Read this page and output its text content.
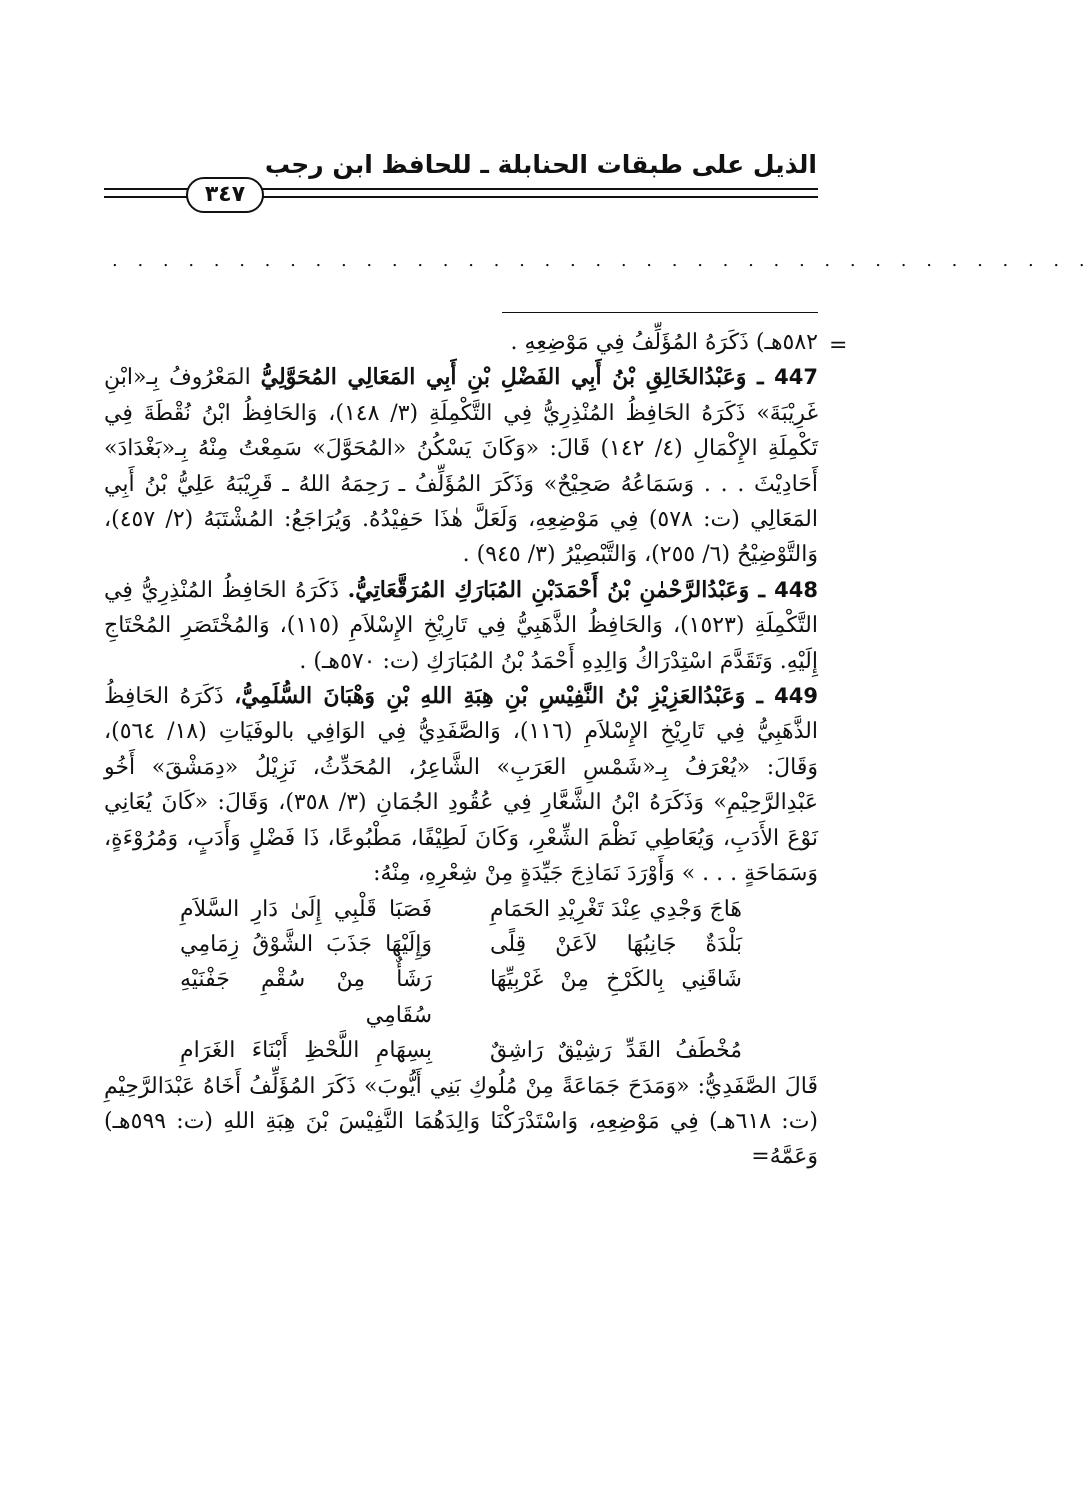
الذيل على طبقات الحنابلة ـ للحافظ ابن رجب
٣٤٧
. . . . . . . . . . . . . . . . . . . . . . . . . . . . . . . . . . . . . . .
=

٥٨٢هـ) ذَكَرَهُ المُؤَلِّفُ فِي مَوْضِعِهِ .

447 ـ وَعَبْدُالخَالِقِ بْنُ أَبِي الفَضْلِ بْنِ أَبِي المَعَالِي المُحَوَّلِيُّ المَعْرُوفُ بِـ«ابْنِ غَرِيْبَةَ» ذَكَرَهُ الحَافِظُ المُنْذِرِيُّ فِي التَّكْمِلَةِ (٣/ ١٤٨)، وَالحَافِظُ ابْنُ نُقْطَةَ فِي تَكْمِلَةِ الإِكْمَالِ (٤/ ١٤٢) قَالَ: «وَكَانَ يَسْكُنُ «المُحَوَّلَ» سَمِعْتُ مِنْهُ بِـ«بَغْدَادَ» أَحَادِيْثَ . . . وَسَمَاعُهُ صَحِيْحٌ» وَذَكَرَ المُؤَلِّفُ ـ رَحِمَهُ اللهُ ـ قَرِيْبَهُ عَلِيُّ بْنُ أَبِي المَعَالِي (ت: ٥٧٨) فِي مَوْضِعِهِ، وَلَعَلَّ هٰذَا حَفِيْدُهُ. وَيُرَاجَعُ: المُشْتَبَهُ (٢/ ٤٥٧)، وَالتَّوْضِيْحُ (٦/ ٢٥٥)، وَالتَّبْصِيْرُ (٣/ ٩٤٥) .

448 ـ وَعَبْدُالرَّحْمٰنِ بْنُ أَحْمَدَبْنِ المُبَارَكِ المُرَقَّعَاتِيُّ. ذَكَرَهُ الحَافِظُ المُنْذِرِيُّ فِي التَّكْمِلَةِ (١٥٢٣)، وَالحَافِظُ الذَّهَبِيُّ فِي تَارِيْخِ الإِسْلاَمِ (١١٥)، وَالمُخْتَصَرِ المُحْتَاجِ إِلَيْهِ. وَتَقَدَّمَ اسْتِدْرَاكُ وَالِدِهِ أَحْمَدُ بْنُ المُبَارَكِ (ت: ٥٧٠هـ) .

449 ـ وَعَبْدُالعَزِيْزِ بْنُ النَّفِيْسِ بْنِ هِبَةِ اللهِ بْنِ وَهْبَانَ السُّلَمِيُّ، ذَكَرَهُ الحَافِظُ الذَّهَبِيُّ فِي تَارِيْخِ الإِسْلاَمِ (١١٦)، وَالصَّفَدِيُّ فِي الوَافِي بالوفَيَاتِ (١٨/ ٥٦٤)، وَقَالَ: «يُعْرَفُ بِـ«شَمْسِ العَرَبِ» الشَّاعِرُ، المُحَدِّثُ، نَزِيْلُ «دِمَشْقَ» أَخُو عَبْدِالرَّحِيْمِ» وَذَكَرَهُ ابْنُ الشَّعَّارِ فِي عُقُودِ الجُمَانِ (٣/ ٣٥٨)، وَقَالَ: «كَانَ يُعَانِي نَوْعَ الأَدَبِ، وَيُعَاطِي نَظْمَ الشِّعْرِ، وَكَانَ لَطِيْفًا، مَطْبُوعًا، ذَا فَضْلٍ وَأَدَبٍ، وَمُرُوْءَةٍ، وَسَمَاحَةٍ . . . » وَأَوْرَدَ نَمَاذِجَ جَيِّدَةٍ مِنْ شِعْرِهِ، مِنْهُ:

هَاجَ وَجْدِي عِنْدَ تَغْرِيْدِ الحَمَامِ
فَصَبَا قَلْبِي إِلَىٰ دَارِ السَّلاَمِ
بَلْدَةٌ جَانِبُهَا لاَعَنْ قِلًى
وَإِلَيْهَا جَذَبَ الشَّوْقُ زِمَامِي
شَاقَنِي بِالكَرْخِ مِنْ غَرْبِيِّهَا
رَشَأٌ مِنْ سُقْمِ جَفْنَيْهِ سُقَامِي
مُخْطَفُ القَدِّ رَشِيْقٌ رَاشِقٌ
بِسِهَامِ اللَّحْظِ أَبْنَاءَ الغَرَامِ

قَالَ الصَّفَدِيُّ: «وَمَدَحَ جَمَاعَةً مِنْ مُلُوكِ بَنِي أَيُّوبَ» ذَكَرَ المُؤَلِّفُ أَخَاهُ عَبْدَالرَّحِيْمِ (ت: ٦١٨هـ) فِي مَوْضِعِهِ، وَاسْتَدْرَكْنَا وَالِدَهُمَا النَّفِيْسَ بْنَ هِبَةِ اللهِ (ت: ٥٩٩هـ) وَعَمَّهُ=
